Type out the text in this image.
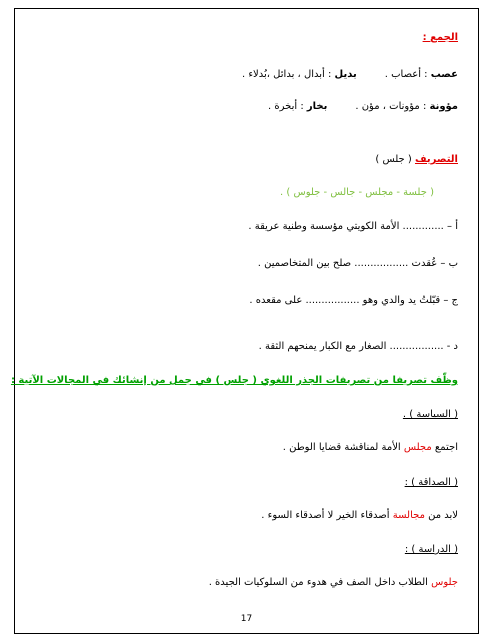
الجمع :
عصب : أعصاب .بديل : أبدال ، بدائل ،بُدلاء .
مؤونة : مؤونات ، مؤن .بخار : أبخرة .
التصريف ( جلس )
( جلسة - مجلس - جالس - جلوس ) .
أ – ............. الأمة الكويتي مؤسسة وطنية عريقة .
ب – عُقدت ................. صلح بين المتخاصمين .
ج – قبّلتُ يد والدي وهو ................. على مقعده .
د - ................. الصغار مع الكبار يمنحهم الثقة .
وظّف تصريفا من تصريفات الجذر اللغوي ( جلس ) في جمل من إنشائك في المجالات الآتية :
( السياسة ) .
اجتمع مجلس الأمة لمناقشة قضايا الوطن .
( الصداقة ) :
لابد من مجالسة أصدقاء الخير لا أصدقاء السوء .
( الدراسة ) :
جلوس الطلاب داخل الصف في هدوء من السلوكيات الجيدة .
17
